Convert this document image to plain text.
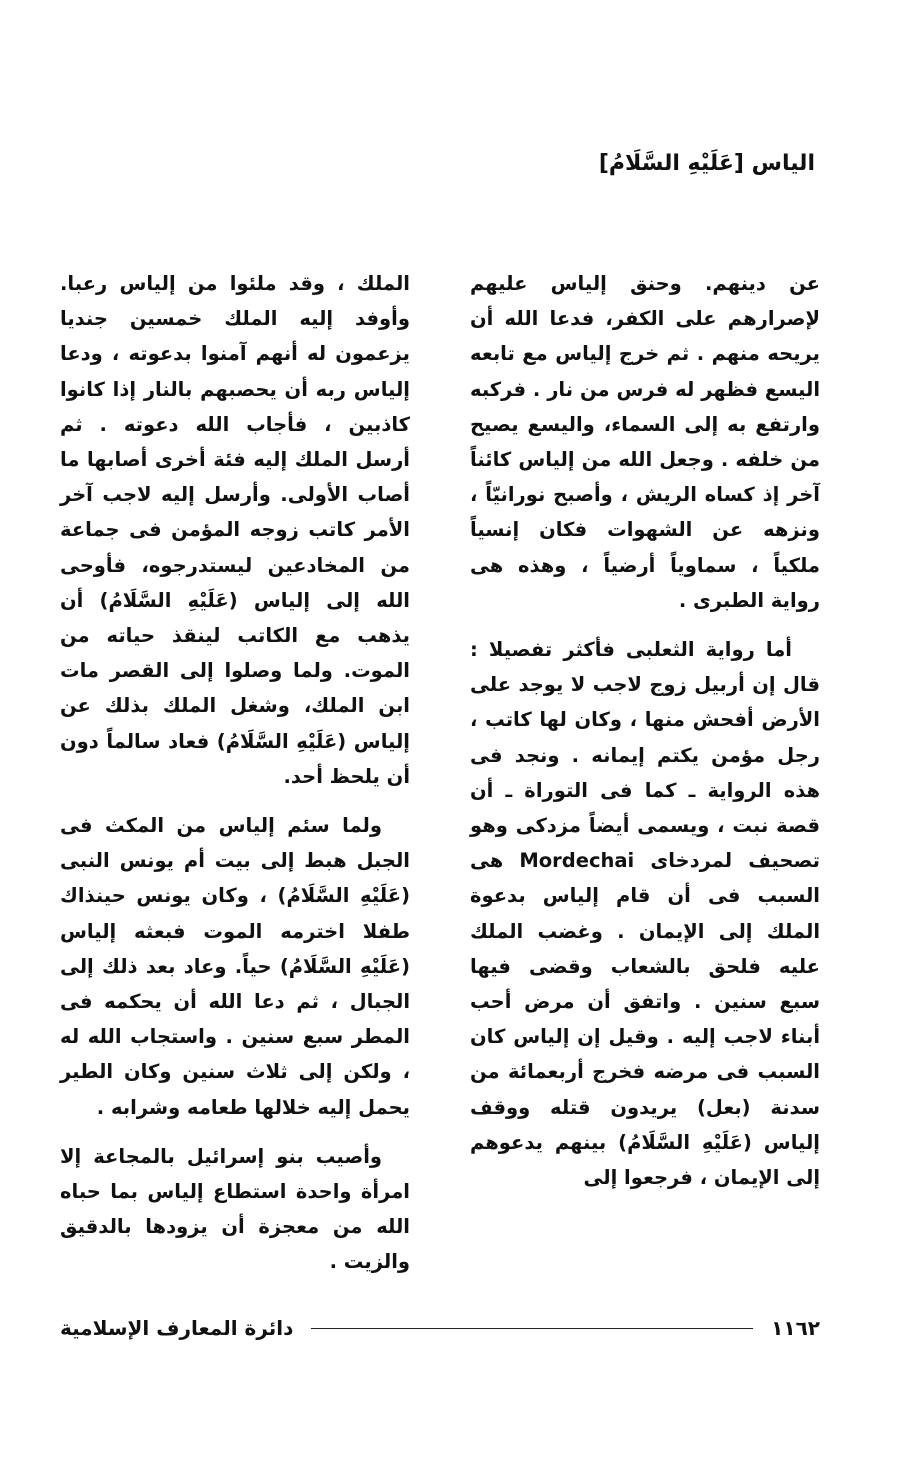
الياس [عَلَيْهِ السَّلَامُ]

عن دينهم. وحنق إلياس عليهم لإصرارهم على الكفر، فدعا الله أن يريحه منهم . ثم خرج إلياس مع تابعه اليسع فظهر له فرس من نار . فركبه وارتفع به إلى السماء، واليسع يصيح من خلفه . وجعل الله من إلياس كائناً آخر إذ كساه الريش ، وأصبح نورانيّاً ، ونزهه عن الشهوات فكان إنسياً ملكياً ، سماوياً أرضياً ، وهذه هى رواية الطبرى .

أما رواية الثعلبى فأكثر تفصيلا : قال إن أربيل زوج لاجب لا يوجد على الأرض أفحش منها ، وكان لها كاتب ، رجل مؤمن يكتم إيمانه . ونجد فى هذه الرواية ـ كما فى التوراة ـ أن قصة نبت ، ويسمى أيضاً مزدكى وهو تصحيف لمردخاى Mordechai هى السبب فى أن قام إلياس بدعوة الملك إلى الإيمان . وغضب الملك عليه فلحق بالشعاب وقضى فيها سبع سنين . واتفق أن مرض أحب أبناء لاجب إليه . وقيل إن إلياس كان السبب فى مرضه فخرج أربعمائة من سدنة (بعل) يريدون قتله ووقف إلياس (عَلَيْهِ السَّلَامُ) بينهم يدعوهم إلى الإيمان ، فرجعوا إلى

الملك ، وقد ملئوا من إلياس رعبا. وأوفد إليه الملك خمسين جنديا يزعمون له أنهم آمنوا بدعوته ، ودعا إلياس ربه أن يحصبهم بالنار إذا كانوا كاذبين ، فأجاب الله دعوته . ثم أرسل الملك إليه فئة أخرى أصابها ما أصاب الأولى. وأرسل إليه لاجب آخر الأمر كاتب زوجه المؤمن فى جماعة من المخادعين ليستدرجوه، فأوحى الله إلى إلياس (عَلَيْهِ السَّلَامُ) أن يذهب مع الكاتب لينقذ حياته من الموت. ولما وصلوا إلى القصر مات ابن الملك، وشغل الملك بذلك عن إلياس (عَلَيْهِ السَّلَامُ) فعاد سالماً دون أن يلحظ أحد.

ولما سئم إلياس من المكث فى الجبل هبط إلى بيت أم يونس النبى (عَلَيْهِ السَّلَامُ) ، وكان يونس حينذاك طفلا اخترمه الموت فبعثه إلياس (عَلَيْهِ السَّلَامُ) حياً. وعاد بعد ذلك إلى الجبال ، ثم دعا الله أن يحكمه فى المطر سبع سنين . واستجاب الله له ، ولكن إلى ثلاث سنين وكان الطير يحمل إليه خلالها طعامه وشرابه .

وأصيب بنو إسرائيل بالمجاعة إلا امرأة واحدة استطاع إلياس بما حباه الله من معجزة أن يزودها بالدقيق والزيت .

١١٦٢
دائرة المعارف الإسلامية
